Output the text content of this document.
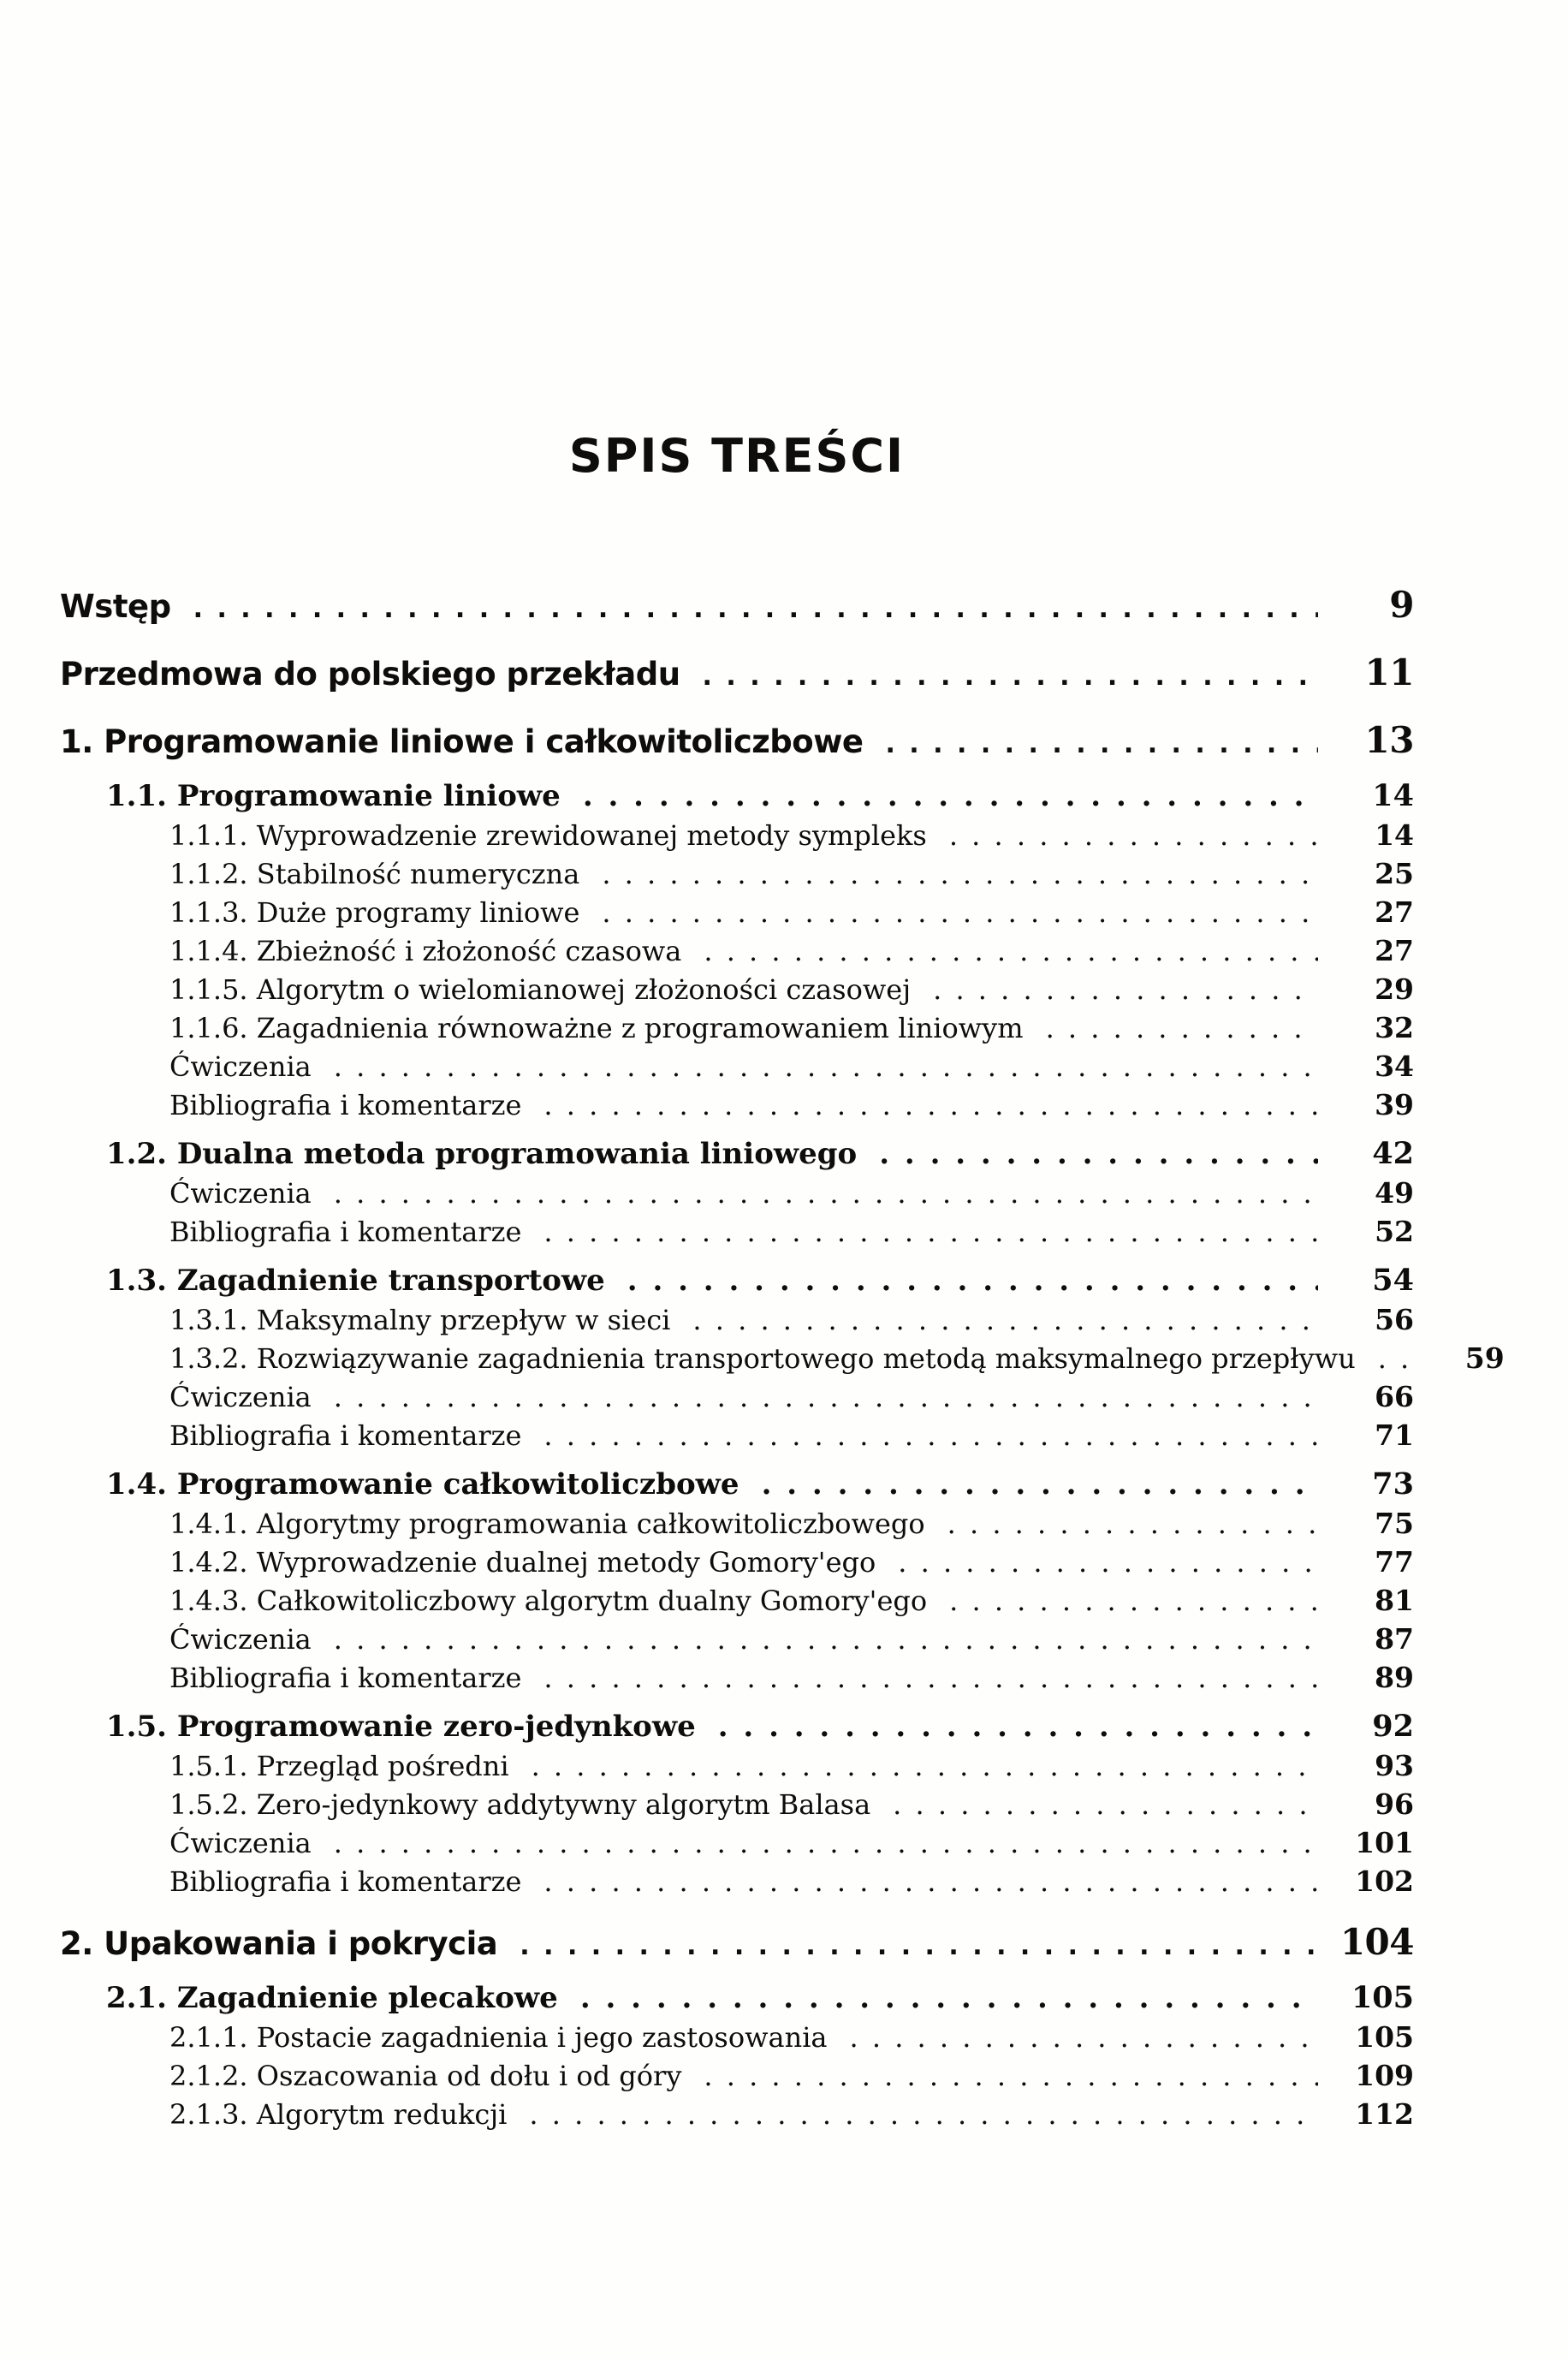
SPIS TREŚCI
Wstęp . . .	9
Przedmowa do polskiego przekładu . . .	11
1. Programowanie liniowe i całkowitoliczbowe . . .	13
1.1. Programowanie liniowe . . .	14
1.1.1. Wyprowadzenie zrewidowanej metody sympleks . . .	14
1.1.2. Stabilność numeryczna . . .	25
1.1.3. Duże programy liniowe . . .	27
1.1.4. Zbieżność i złożoność czasowa . . .	27
1.1.5. Algorytm o wielomianowej złożoności czasowej . . .	29
1.1.6. Zagadnienia równoważne z programowaniem liniowym . . .	32
Ćwiczenia . . .	34
Bibliografia i komentarze . . .	39
1.2. Dualna metoda programowania liniowego . . .	42
Ćwiczenia . . .	49
Bibliografia i komentarze . . .	52
1.3. Zagadnienie transportowe . . .	54
1.3.1. Maksymalny przepływ w sieci . . .	56
1.3.2. Rozwiązywanie zagadnienia transportowego metodą maksymalnego przepływu . . .	59
Ćwiczenia . . .	66
Bibliografia i komentarze . . .	71
1.4. Programowanie całkowitoliczbowe . . .	73
1.4.1. Algorytmy programowania całkowitoliczbowego . . .	75
1.4.2. Wyprowadzenie dualnej metody Gomory'ego . . .	77
1.4.3. Całkowitoliczbowy algorytm dualny Gomory'ego . . .	81
Ćwiczenia . . .	87
Bibliografia i komentarze . . .	89
1.5. Programowanie zero-jedynkowe . . .	92
1.5.1. Przegląd pośredni . . .	93
1.5.2. Zero-jedynkowy addytywny algorytm Balasa . . .	96
Ćwiczenia . . .	101
Bibliografia i komentarze . . .	102
2. Upakowania i pokrycia . . .	104
2.1. Zagadnienie plecakowe . . .	105
2.1.1. Postacie zagadnienia i jego zastosowania . . .	105
2.1.2. Oszacowania od dołu i od góry . . .	109
2.1.3. Algorytm redukcji . . .	112
